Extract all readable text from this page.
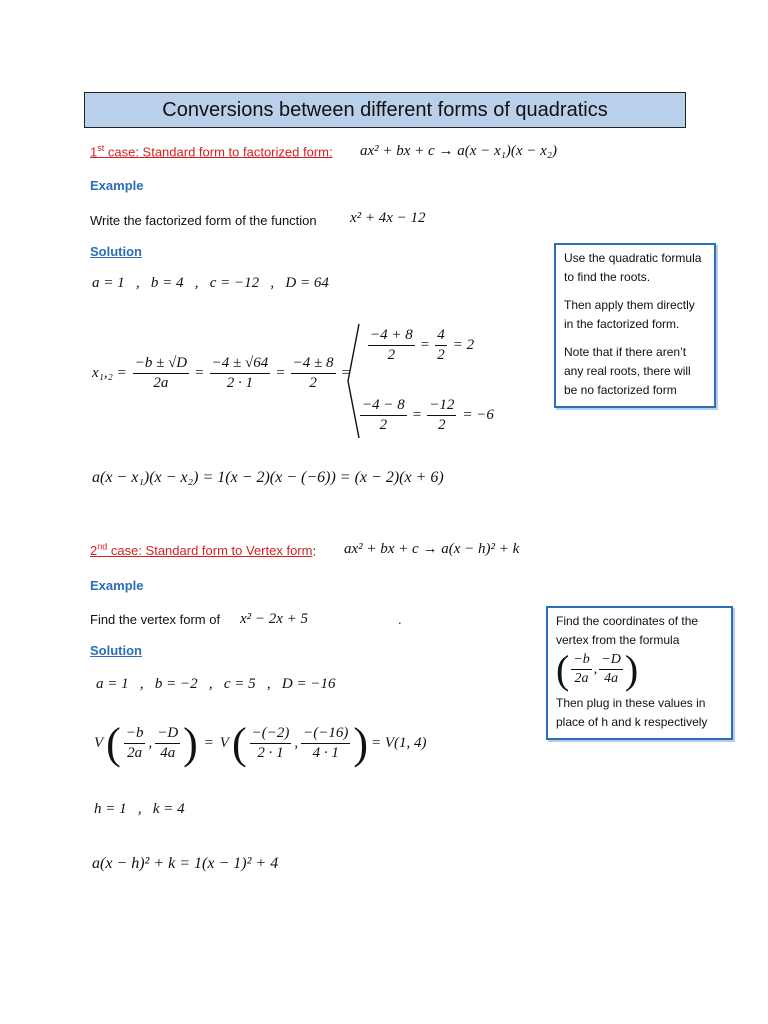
Conversions between different forms of quadratics
1st case: Standard form to factorized form: ax² + bx + c → a(x − x₁)(x − x₂)
Example
Write the factorized form of the function x² + 4x − 12
Solution
a = 1   ,   b = 4   ,   c = −12   ,   D = 64
$x_1,_2 = \frac{-b \pm √D}{2a} = \frac{-4 \pm √64}{2 \cdot 1} = \frac{-4 \pm 8}{2}$ =
$\frac{-4 + 8}{2} = \frac{4}{2} = 2$
$\frac{-4 - 8}{2} = \frac{-12}{2} = -6$
a(x − x₁)(x − x₂) = 1(x − 2)(x − (−6)) = (x − 2)(x + 6)

Use the quadratic formula to find the roots.

Then apply them directly in the factorized form.

Note that if there aren’t any real roots, there will be no factorized form

2nd case: Standard form to Vertex form: ax² + bx + c → a(x − h)² + k
Example
Find the vertex form of x² − 2x + 5	.
Solution
a = 1   ,   b = −2   ,   c = 5   ,   D = −16
V ( $\frac{-b}{2a}$ , $\frac{-D}{4a}$ ) = V ( $\frac{-(-2)}{2 \cdot 1}$ , $\frac{-(-16)}{4 \cdot 1}$ ) = V(1, 4)
h = 1   ,   k = 4
a(x − h)² + k = 1(x − 1)² + 4

Find the coordinates of the vertex from the formula

( $\frac{-b}{2a}$ , $\frac{-D}{4a}$ )

Then plug in these values in place of h and k respectively
